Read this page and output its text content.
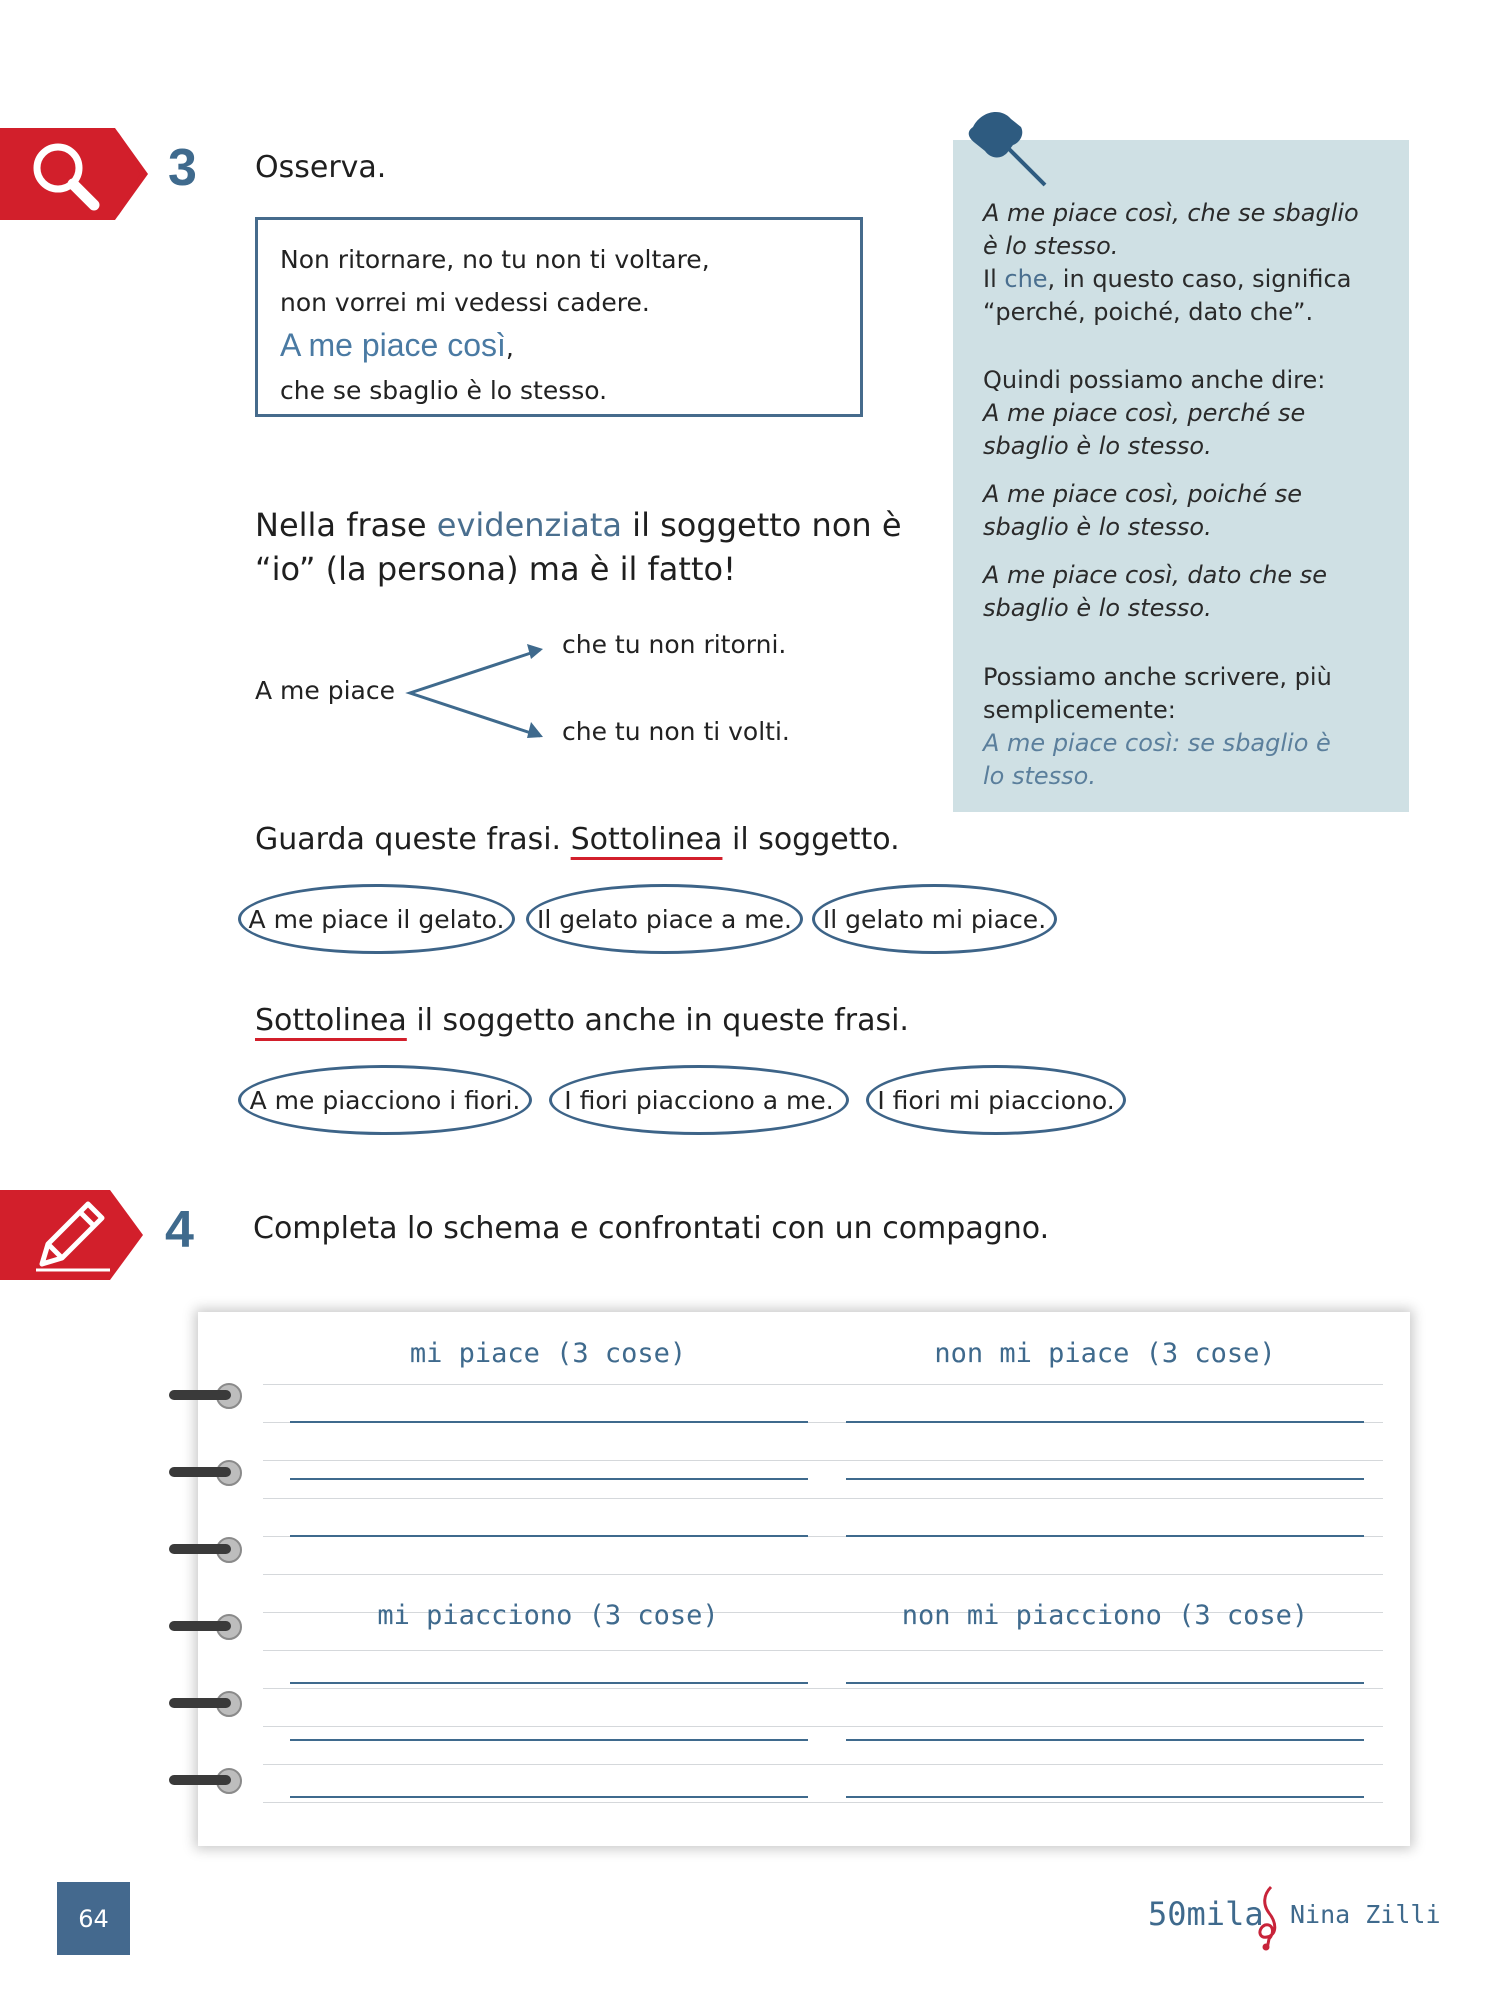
3 Osserva.
Non ritornare, no tu non ti voltare,
non vorrei mi vedessi cadere.
A me piace così,
che se sbaglio è lo stesso.
Nella frase evidenziata il soggetto non è
“io” (la persona) ma è il fatto!
A me piace
che tu non ritorni.
che tu non ti volti.
A me piace così, che se sbaglio
è lo stesso.
Il che, in questo caso, significa
“perché, poiché, dato che”.
Quindi possiamo anche dire:
A me piace così, perché se
sbaglio è lo stesso.
A me piace così, poiché se
sbaglio è lo stesso.
A me piace così, dato che se
sbaglio è lo stesso.
Possiamo anche scrivere, più
semplicemente:
A me piace così: se sbaglio è
lo stesso.
Guarda queste frasi. Sottolinea il soggetto.
A me piace il gelato.	Il gelato piace a me.	Il gelato mi piace.
Sottolinea il soggetto anche in queste frasi.
A me piacciono i fiori.	I fiori piacciono a me.	I fiori mi piacciono.
4 Completa lo schema e confrontati con un compagno.
mi piace (3 cose)	non mi piace (3 cose)
mi piacciono (3 cose)	non mi piacciono (3 cose)
64	50mila Nina Zilli
